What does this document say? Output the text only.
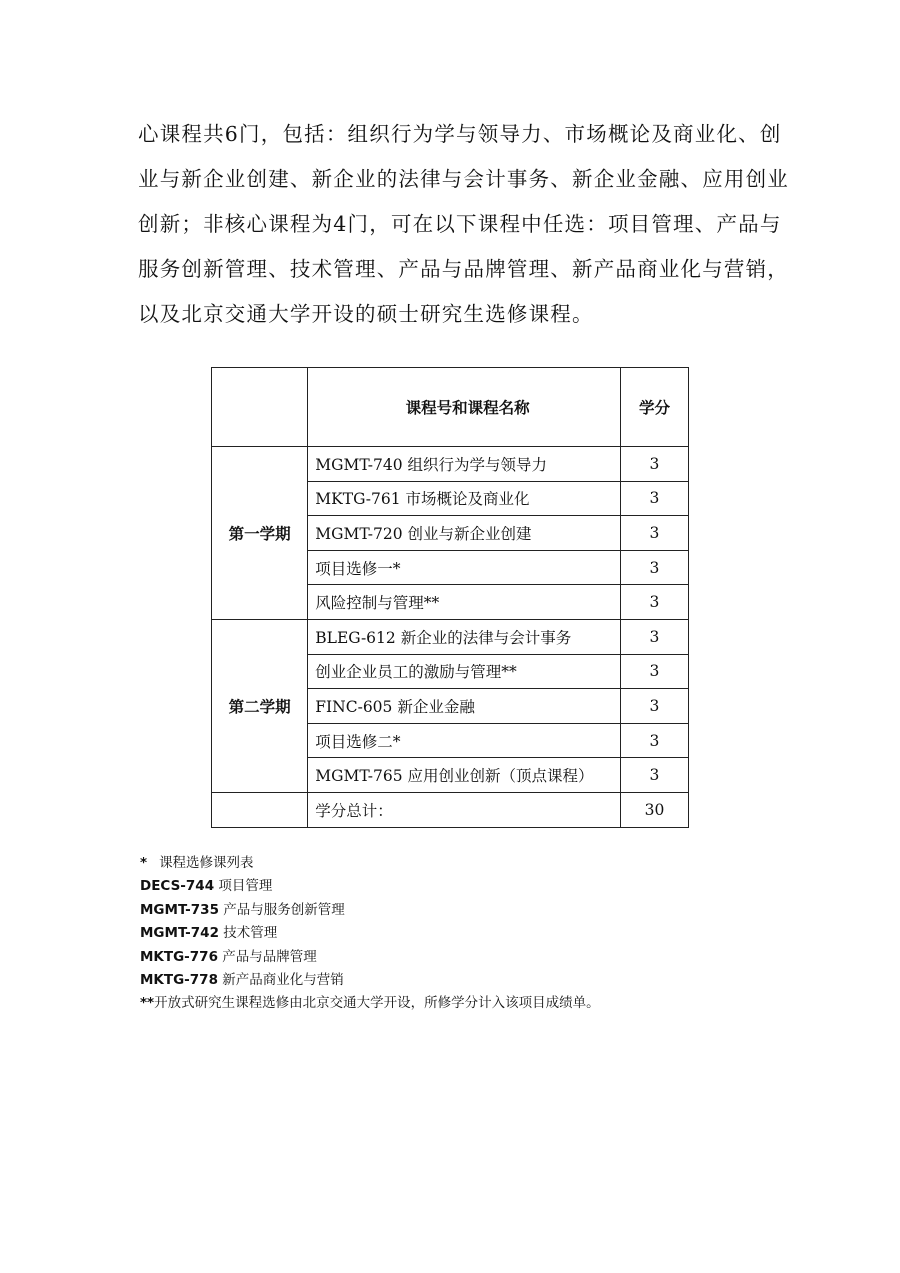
心课程共6门，包括：组织行为学与领导力、市场概论及商业化、创
业与新企业创建、新企业的法律与会计事务、新企业金融、应用创业
创新；非核心课程为4门，可在以下课程中任选：项目管理、产品与
服务创新管理、技术管理、产品与品牌管理、新产品商业化与营销，
以及北京交通大学开设的硕士研究生选修课程。

	课程号和课程名称	学分
第一学期	MGMT-740 组织行为学与领导力	3
	MKTG-761 市场概论及商业化	3
	MGMT-720 创业与新企业创建	3
	项目选修一*	3
	风险控制与管理**	3
第二学期	BLEG-612 新企业的法律与会计事务	3
	创业企业员工的激励与管理**	3
	FINC-605 新企业金融	3
	项目选修二*	3
	MGMT-765 应用创业创新（顶点课程）	3
	学分总计：	30
* 课程选修课列表
DECS-744 项目管理
MGMT-735 产品与服务创新管理
MGMT-742 技术管理
MKTG-776 产品与品牌管理
MKTG-778 新产品商业化与营销
**开放式研究生课程选修由北京交通大学开设，所修学分计入该项目成绩单。
